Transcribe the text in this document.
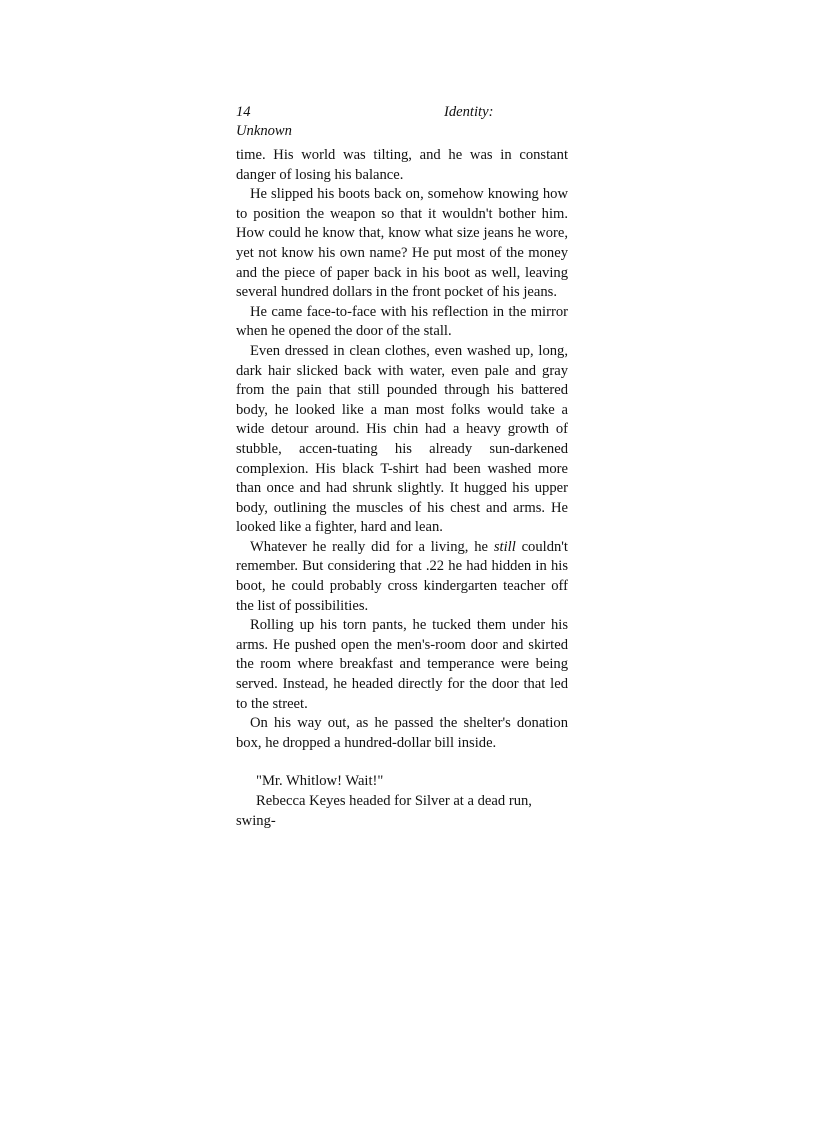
14	Identity:
Unknown

time. His world was tilting, and he was in constant danger of losing his balance.

He slipped his boots back on, somehow knowing how to position the weapon so that it wouldn't bother him. How could he know that, know what size jeans he wore, yet not know his own name? He put most of the money and the piece of paper back in his boot as well, leaving several hundred dollars in the front pocket of his jeans.

He came face-to-face with his reflection in the mirror when he opened the door of the stall.

Even dressed in clean clothes, even washed up, long, dark hair slicked back with water, even pale and gray from the pain that still pounded through his battered body, he looked like a man most folks would take a wide detour around. His chin had a heavy growth of stubble, accen-tuating his already sun-darkened complexion. His black T-shirt had been washed more than once and had shrunk slightly. It hugged his upper body, outlining the muscles of his chest and arms. He looked like a fighter, hard and lean.

Whatever he really did for a living, he still couldn't remember. But considering that .22 he had hidden in his boot, he could probably cross kindergarten teacher off the list of possibilities.

Rolling up his torn pants, he tucked them under his arms. He pushed open the men's-room door and skirted the room where breakfast and temperance were being served. Instead, he headed directly for the door that led to the street.

On his way out, as he passed the shelter's donation box, he dropped a hundred-dollar bill inside.

"Mr. Whitlow! Wait!"

Rebecca Keyes headed for Silver at a dead run, swing-
